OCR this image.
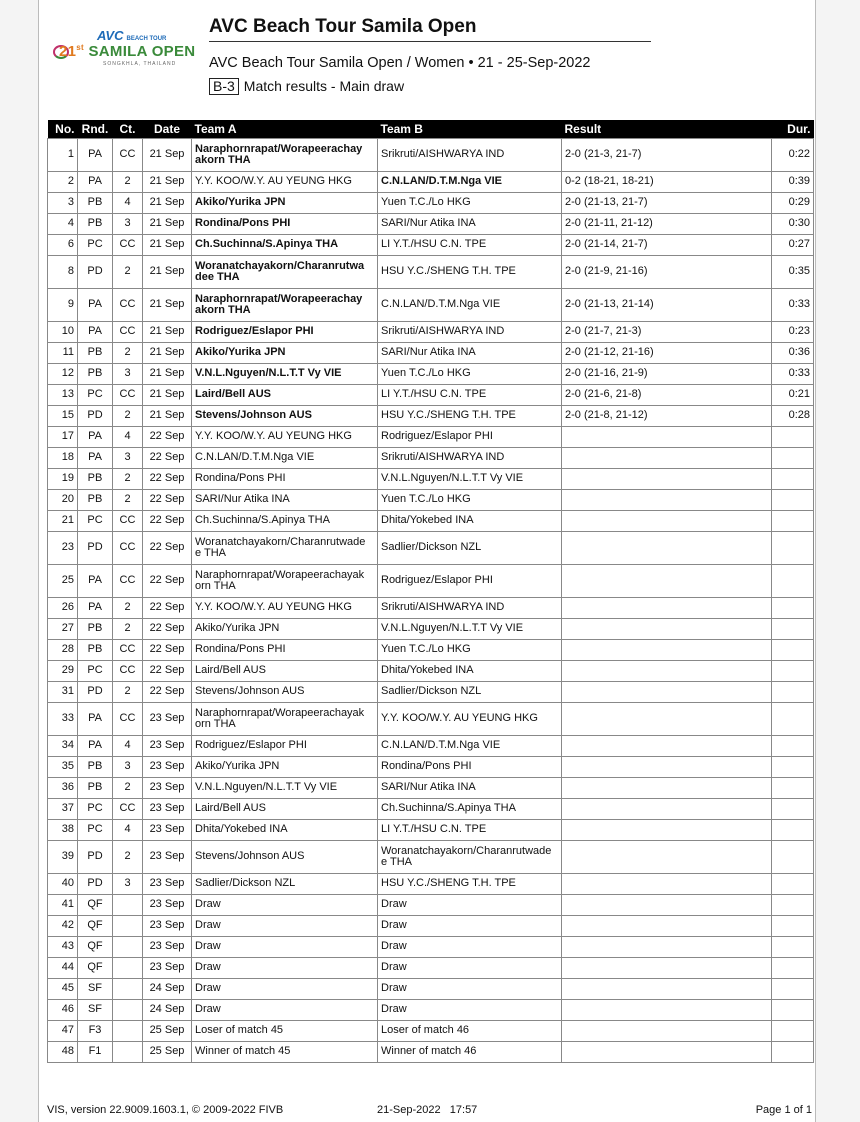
AVC BEACH TOUR
21st SAMILA OPEN
SONGKHLA, THAILAND
AVC Beach Tour Samila Open
AVC Beach Tour Samila Open / Women • 21 - 25-Sep-2022
B-3 Match results - Main draw
No.	Rnd.	Ct.	Date	Team A	Team B	Result	Dur.
1	PA	CC	21 Sep	Naraphornrapat/Worapeerachay akorn THA	Srikruti/AISHWARYA IND	2-0 (21-3, 21-7)	0:22
2	PA	2	21 Sep	Y.Y. KOO/W.Y. AU YEUNG HKG	C.N.LAN/D.T.M.Nga VIE	0-2 (18-21, 18-21)	0:39
3	PB	4	21 Sep	Akiko/Yurika JPN	Yuen T.C./Lo HKG	2-0 (21-13, 21-7)	0:29
4	PB	3	21 Sep	Rondina/Pons PHI	SARI/Nur Atika INA	2-0 (21-11, 21-12)	0:30
6	PC	CC	21 Sep	Ch.Suchinna/S.Apinya THA	LI Y.T./HSU C.N. TPE	2-0 (21-14, 21-7)	0:27
8	PD	2	21 Sep	Woranatchayakorn/Charanrutwa dee THA	HSU Y.C./SHENG T.H. TPE	2-0 (21-9, 21-16)	0:35
9	PA	CC	21 Sep	Naraphornrapat/Worapeerachay akorn THA	C.N.LAN/D.T.M.Nga VIE	2-0 (21-13, 21-14)	0:33
10	PA	CC	21 Sep	Rodriguez/Eslapor PHI	Srikruti/AISHWARYA IND	2-0 (21-7, 21-3)	0:23
11	PB	2	21 Sep	Akiko/Yurika JPN	SARI/Nur Atika INA	2-0 (21-12, 21-16)	0:36
12	PB	3	21 Sep	V.N.L.Nguyen/N.L.T.T Vy VIE	Yuen T.C./Lo HKG	2-0 (21-16, 21-9)	0:33
13	PC	CC	21 Sep	Laird/Bell AUS	LI Y.T./HSU C.N. TPE	2-0 (21-6, 21-8)	0:21
15	PD	2	21 Sep	Stevens/Johnson AUS	HSU Y.C./SHENG T.H. TPE	2-0 (21-8, 21-12)	0:28
17	PA	4	22 Sep	Y.Y. KOO/W.Y. AU YEUNG HKG	Rodriguez/Eslapor PHI		
18	PA	3	22 Sep	C.N.LAN/D.T.M.Nga VIE	Srikruti/AISHWARYA IND		
19	PB	2	22 Sep	Rondina/Pons PHI	V.N.L.Nguyen/N.L.T.T Vy VIE		
20	PB	2	22 Sep	SARI/Nur Atika INA	Yuen T.C./Lo HKG		
21	PC	CC	22 Sep	Ch.Suchinna/S.Apinya THA	Dhita/Yokebed INA		
23	PD	CC	22 Sep	Woranatchayakorn/Charanrutwade e THA	Sadlier/Dickson NZL		
25	PA	CC	22 Sep	Naraphornrapat/Worapeerachayak orn THA	Rodriguez/Eslapor PHI		
26	PA	2	22 Sep	Y.Y. KOO/W.Y. AU YEUNG HKG	Srikruti/AISHWARYA IND		
27	PB	2	22 Sep	Akiko/Yurika JPN	V.N.L.Nguyen/N.L.T.T Vy VIE		
28	PB	CC	22 Sep	Rondina/Pons PHI	Yuen T.C./Lo HKG		
29	PC	CC	22 Sep	Laird/Bell AUS	Dhita/Yokebed INA		
31	PD	2	22 Sep	Stevens/Johnson AUS	Sadlier/Dickson NZL		
33	PA	CC	23 Sep	Naraphornrapat/Worapeerachayak orn THA	Y.Y. KOO/W.Y. AU YEUNG HKG		
34	PA	4	23 Sep	Rodriguez/Eslapor PHI	C.N.LAN/D.T.M.Nga VIE		
35	PB	3	23 Sep	Akiko/Yurika JPN	Rondina/Pons PHI		
36	PB	2	23 Sep	V.N.L.Nguyen/N.L.T.T Vy VIE	SARI/Nur Atika INA		
37	PC	CC	23 Sep	Laird/Bell AUS	Ch.Suchinna/S.Apinya THA		
38	PC	4	23 Sep	Dhita/Yokebed INA	LI Y.T./HSU C.N. TPE		
39	PD	2	23 Sep	Stevens/Johnson AUS	Woranatchayakorn/Charanrutwade e THA		
40	PD	3	23 Sep	Sadlier/Dickson NZL	HSU Y.C./SHENG T.H. TPE		
41	QF		23 Sep	Draw	Draw		
42	QF		23 Sep	Draw	Draw		
43	QF		23 Sep	Draw	Draw		
44	QF		23 Sep	Draw	Draw		
45	SF		24 Sep	Draw	Draw		
46	SF		24 Sep	Draw	Draw		
47	F3		25 Sep	Loser of match 45	Loser of match 46		
48	F1		25 Sep	Winner of match 45	Winner of match 46		
VIS, version 22.9009.1603.1, © 2009-2022 FIVB	21-Sep-2022   17:57	Page 1 of 1
